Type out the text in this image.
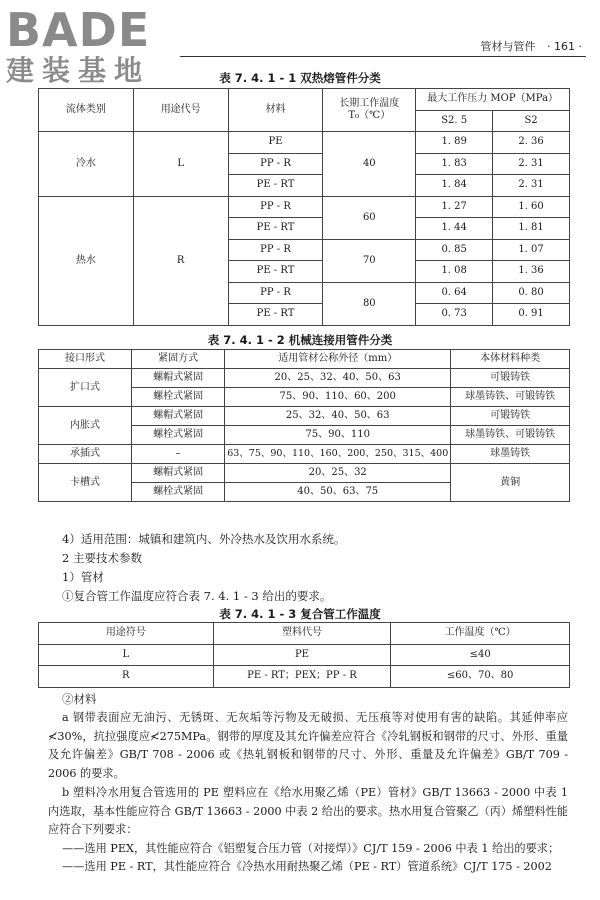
BADE
建装基地
管材与管件 · 161 ·
表 7. 4. 1 - 1 双热熔管件分类
流体类别	用途代号	材料	长期工作温度
T₀（℃）	最大工作压力 MOP（MPa）	
				S2. 5	S2
冷水	L	PE	40	1. 89	2. 36
		PP - R		1. 83	2. 31
		PE - RT		1. 84	2. 31
热水	R	PP - R	60	1. 27	1. 60
		PE - RT		1. 44	1. 81
		PP - R	70	0. 85	1. 07
		PE - RT		1. 08	1. 36
		PP - R	80	0. 64	0. 80
		PE - RT		0. 73	0. 91
表 7. 4. 1 - 2 机械连接用管件分类
接口形式	紧固方式	适用管材公称外径（mm）	本体材料种类
扩口式	螺帽式紧固	20、25、32、40、50、63	可锻铸铁
	螺栓式紧固	75、90、110、60、200	球墨铸铁、可锻铸铁
内胀式	螺帽式紧固	25、32、40、50、63	可锻铸铁
	螺栓式紧固	75、90、110	球墨铸铁、可锻铸铁
承插式	–	63、75、90、110、160、200、250、315、400	球墨铸铁
卡槽式	螺帽式紧固	20、25、32	黄铜
	螺栓式紧固	40、50、63、75	
4）适用范围：城镇和建筑内、外冷热水及饮用水系统。
2 主要技术参数
1）管材
①复合管工作温度应符合表 7. 4. 1 - 3 给出的要求。
表 7. 4. 1 - 3 复合管工作温度
用途符号	塑料代号	工作温度（℃）
L	PE	≤40
R	PE - RT；PEX；PP - R	≤60、70、80
②材料
a 钢带表面应无油污、无锈斑、无灰垢等污物及无破损、无压痕等对使用有害的缺陷。其延伸率应≮30%，抗拉强度应≮275MPa。钢带的厚度及其允许偏差应符合《冷轧钢板和钢带的尺寸、外形、重量及允许偏差》GB/T 708 - 2006 或《热轧钢板和钢带的尺寸、外形、重量及允许偏差》GB/T 709 - 2006 的要求。
b 塑料冷水用复合管选用的 PE 塑料应在《给水用聚乙烯（PE）管材》GB/T 13663 - 2000 中表 1 内选取，基本性能应符合 GB/T 13663 - 2000 中表 2 给出的要求。热水用复合管聚乙（丙）烯塑料性能应符合下列要求：
——选用 PEX，其性能应符合《铝塑复合压力管（对接焊）》CJ/T 159 - 2006 中表 1 给出的要求；
——选用 PE - RT，其性能应符合《冷热水用耐热聚乙烯（PE - RT）管道系统》CJ/T 175 - 2002
